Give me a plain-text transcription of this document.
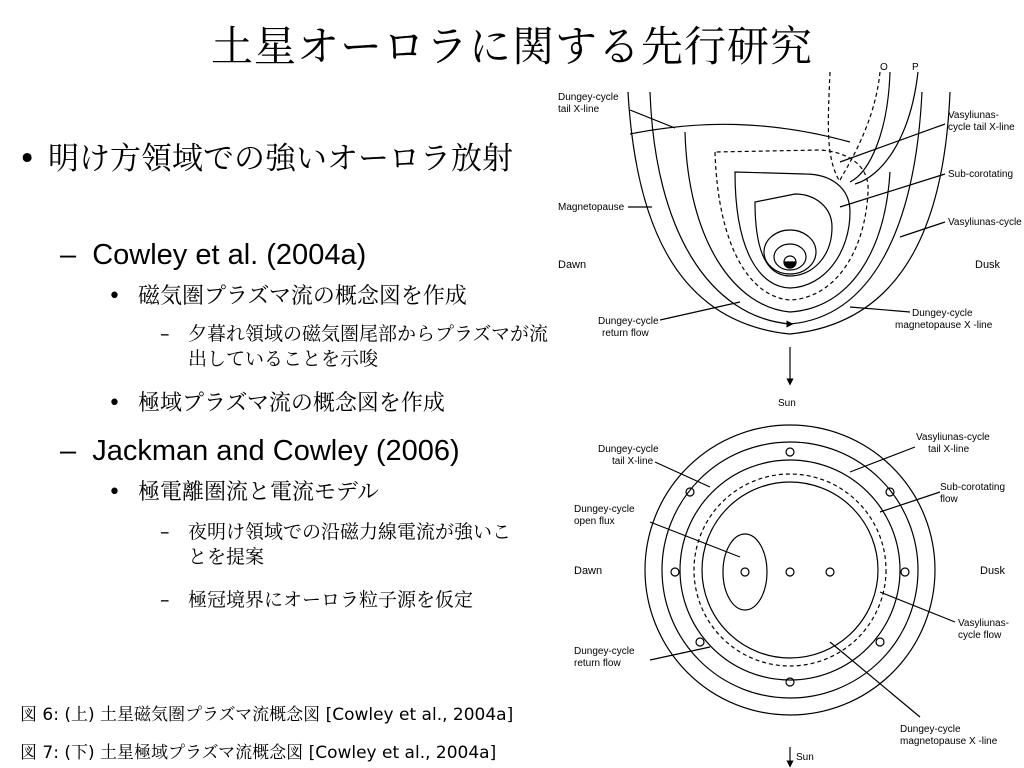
土星オーロラに関する先行研究
• 明け方領域での強いオーロラ放射
– Cowley et al. (2004a)
• 磁気圏プラズマ流の概念図を作成
– 夕暮れ領域の磁気圏尾部からプラズマが流出していることを示唆
• 極域プラズマ流の概念図を作成
– Jackman and Cowley (2006)
• 極電離圏流と電流モデル
– 夜明け領域での沿磁力線電流が強いことを提案
– 極冠境界にオーロラ粒子源を仮定
図 6: (上) 土星磁気圏プラズマ流概念図 [Cowley et al., 2004a]
図 7: (下) 土星極域プラズマ流概念図 [Cowley et al., 2004a]
O P
Dungey-cycle
tail X-line
Magnetopause
Dawn	Dusk
Vasyliunas-
cycle tail X-line
Sub-corotating
Vasyliunas-cycle
Dungey-cycle
return flow
Dungey-cycle
magnetopause X -line
Sun
Dungey-cycle
tail X-line
Vasyliunas-cycle
tail X-line
Sub-corotating
flow
Dungey-cycle
open flux
Dawn	Dusk
Vasyliunas-
cycle flow
Dungey-cycle
return flow
Dungey-cycle
magnetopause X -line
Sun
